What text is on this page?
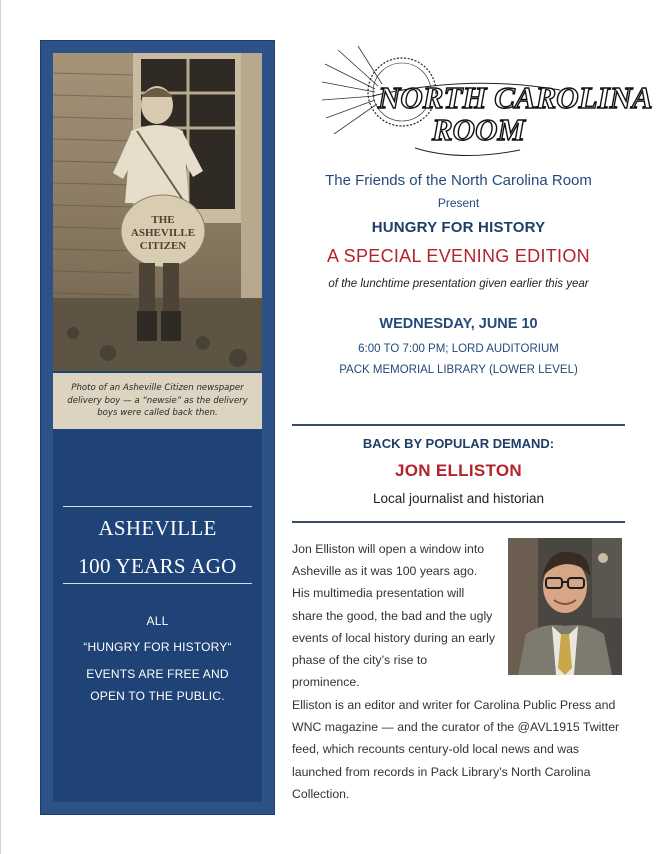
THE
ASHEVILLE
CITIZEN
Photo of an Asheville Citizen newspaper delivery boy — a “newsie” as the delivery boys were called back then.
ASHEVILLE
100 YEARS AGO
ALL
“HUNGRY FOR HISTORY“
EVENTS ARE FREE AND
OPEN TO THE PUBLIC.
NORTH CAROLINA
ROOM
The Friends of the North Carolina Room
Present
HUNGRY FOR HISTORY
A SPECIAL EVENING EDITION
of the lunchtime presentation given earlier this year
WEDNESDAY, JUNE 10
6:00 TO 7:00 PM; LORD AUDITORIUM
PACK MEMORIAL LIBRARY (LOWER LEVEL)
BACK BY POPULAR DEMAND:
JON ELLISTON
Local journalist and historian
Jon Elliston will open a window into Asheville as it was 100 years ago. His multimedia presentation will share the good, the bad and the ugly events of local history during an early phase of the city’s rise to prominence.
Elliston is an editor and writer for Carolina Public Press and WNC magazine — and the curator of the @AVL1915 Twitter feed, which recounts century-old local news and was launched from records in Pack Library’s North Carolina Collection.
